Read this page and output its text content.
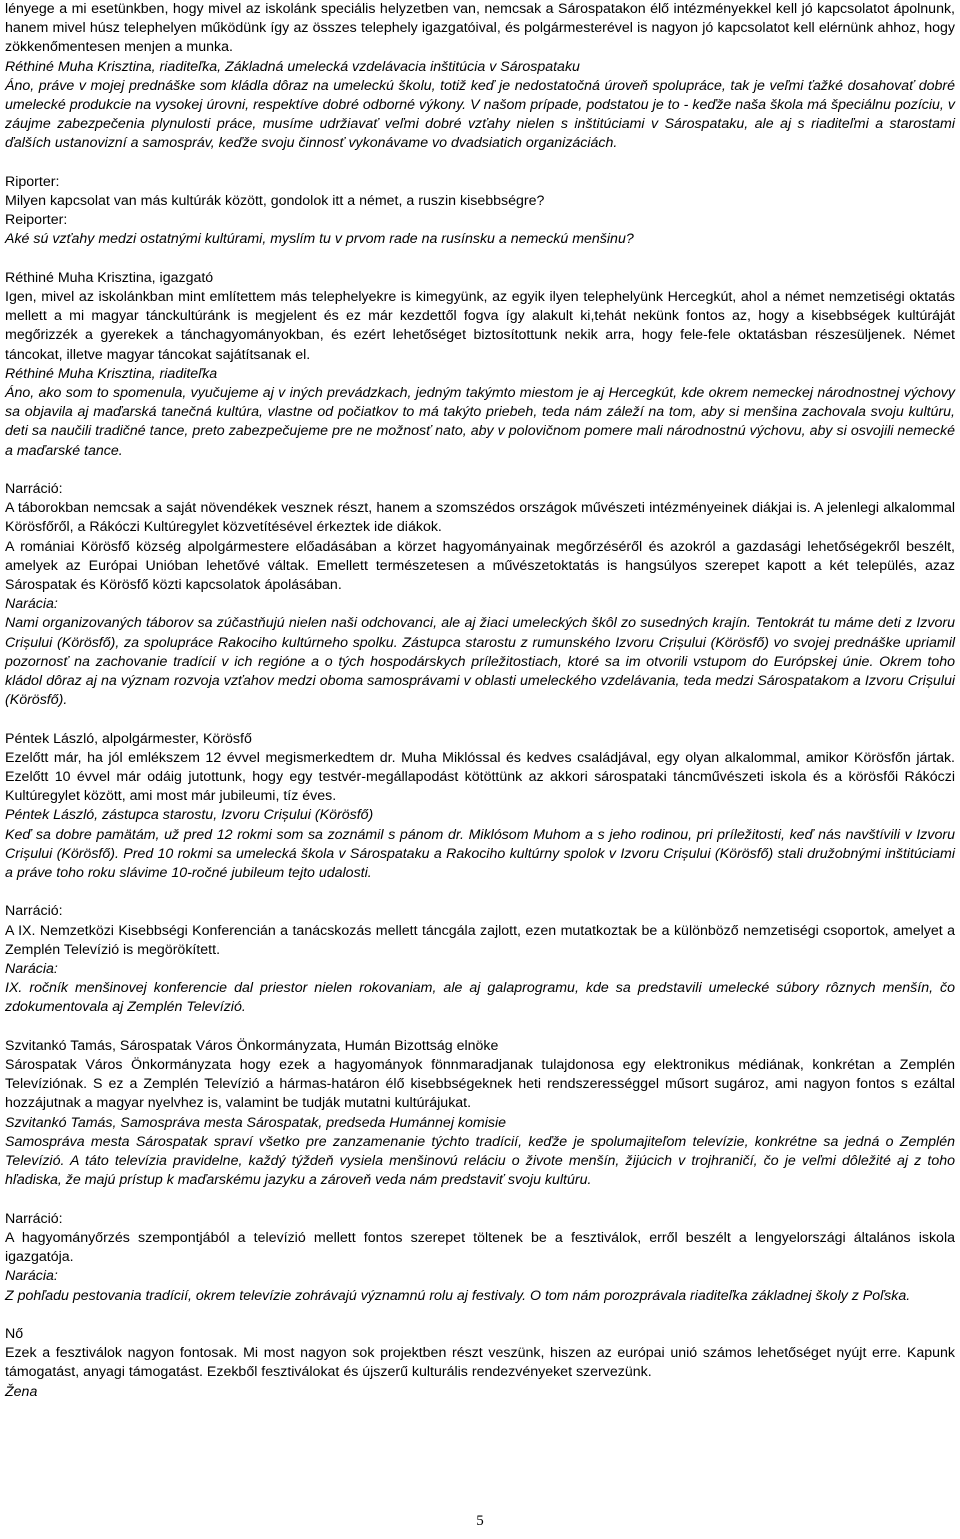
lényege a mi esetünkben, hogy mivel az iskolánk speciális helyzetben van, nemcsak a Sárospatakon élő intézményekkel kell jó kapcsolatot ápolnunk, hanem mivel húsz telephelyen működünk így az összes telephely igazgatóival, és polgármesterével is nagyon jó kapcsolatot kell elérnünk ahhoz, hogy zökkenőmentesen menjen a munka.

Réthiné Muha Krisztina, riaditeľka, Základná umelecká vzdelávacia inštitúcia v Sárospataku

Áno, práve v mojej prednáške som kládla dôraz na umeleckú školu, totiž keď je nedostatočná úroveň spolupráce, tak je veľmi ťažké dosahovať dobré umelecké produkcie na vysokej úrovni, respektíve dobré odborné výkony. V našom prípade, podstatou je to - keďže naša škola má špeciálnu pozíciu, v záujme zabezpečenia plynulosti práce, musíme udržiavať veľmi dobré vzťahy nielen s inštitúciami v Sárospataku, ale aj s riaditeľmi a starostami ďalších ustanovizní a samospráv, keďže svoju činnosť vykonávame vo dvadsiatich organizáciách.

Riporter:

Milyen kapcsolat van más kultúrák között, gondolok itt a német, a ruszin kisebbségre?

Reiporter:

Aké sú vzťahy medzi ostatnými kultúrami, myslím tu v prvom rade na rusínsku a nemeckú menšinu?

Réthiné Muha Krisztina, igazgató

Igen, mivel az iskolánkban mint említettem más telephelyekre is kimegyünk, az egyik ilyen telephelyünk Hercegkút, ahol a német nemzetiségi oktatás mellett a mi magyar tánckultúránk is megjelent és ez már kezdettől fogva így alakult ki,tehát nekünk fontos az, hogy a kisebbségek kultúráját megőrizzék a gyerekek a tánchagyományokban, és ezért lehetőséget biztosítottunk nekik arra, hogy fele-fele oktatásban részesüljenek. Német táncokat, illetve magyar táncokat sajátítsanak el.

Réthiné Muha Krisztina, riaditeľka

Áno, ako som to spomenula, vyučujeme aj v iných prevádzkach, jedným takýmto miestom je aj Hercegkút, kde okrem nemeckej národnostnej výchovy sa objavila aj maďarská tanečná kultúra, vlastne od počiatkov to má takýto priebeh, teda nám záleží na tom, aby si menšina zachovala svoju kultúru, deti sa naučili tradičné tance, preto zabezpečujeme pre ne možnosť nato, aby v polovičnom pomere mali národnostnú výchovu, aby si osvojili nemecké a maďarské tance.

Narráció:

A táborokban nemcsak a saját növendékek vesznek részt, hanem a szomszédos országok művészeti intézményeinek diákjai is. A jelenlegi alkalommal Körösfőről, a Rákóczi Kultúregylet közvetítésével érkeztek ide diákok.

A romániai Körösfő község alpolgármestere előadásában a körzet hagyományainak megőrzéséről és azokról a gazdasági lehetőségekről beszélt, amelyek az Európai Unióban lehetővé váltak. Emellett természetesen a művészetoktatás is hangsúlyos szerepet kapott a két település, azaz Sárospatak és Körösfő közti kapcsolatok ápolásában.

Narácia:

Nami organizovaných táborov sa zúčastňujú nielen naši odchovanci, ale aj žiaci umeleckých škôl zo susedných krajín. Tentokrát tu máme deti z Izvoru Crișului (Körösfő), za spolupráce Rakociho kultúrneho spolku. Zástupca starostu z rumunského Izvoru Crișului (Körösfő) vo svojej prednáške upriamil pozornosť na zachovanie tradícií v ich regióne a o tých hospodárskych príležitostiach, ktoré sa im otvorili vstupom do Európskej únie. Okrem toho kládol dôraz aj na význam rozvoja vzťahov medzi oboma samosprávami v oblasti umeleckého vzdelávania, teda medzi Sárospatakom a Izvoru Crișului (Körösfő).

Péntek László, alpolgármester, Körösfő

Ezelőtt már, ha jól emlékszem 12 évvel megismerkedtem dr. Muha Miklóssal és kedves családjával, egy olyan alkalommal, amikor Körösfőn jártak. Ezelőtt 10 évvel már odáig jutottunk, hogy egy testvér-megállapodást kötöttünk az akkori sárospataki táncművészeti iskola és a körösfői Rákóczi Kultúregylet között, ami most már jubileumi, tíz éves.

Péntek László, zástupca starostu, Izvoru Crișului (Körösfő)

Keď sa dobre pamätám, už pred 12 rokmi som sa zoznámil s pánom dr. Miklósom Muhom a s jeho rodinou, pri príležitosti, keď nás navštívili v Izvoru Crișului (Körösfő). Pred 10 rokmi sa umelecká škola v Sárospataku a Rakociho kultúrny spolok v Izvoru Crișului (Körösfő) stali družobnými inštitúciami a práve toho roku slávime 10-ročné jubileum tejto udalosti.

Narráció:

A IX. Nemzetközi Kisebbségi Konferencián a tanácskozás mellett táncgála zajlott, ezen mutatkoztak be a különböző nemzetiségi csoportok, amelyet a Zemplén Televízió is megörökített.

Narácia:

IX. ročník menšinovej konferencie dal priestor nielen rokovaniam, ale aj galaprogramu, kde sa predstavili umelecké súbory rôznych menšín, čo zdokumentovala aj Zemplén Televízió.

Szvitankó Tamás, Sárospatak Város Önkormányzata, Humán Bizottság elnöke

Sárospatak Város Önkormányzata hogy ezek a hagyományok fönnmaradjanak tulajdonosa egy elektronikus médiának, konkrétan a Zemplén Televíziónak. S ez a Zemplén Televízió a hármas-határon élő kisebbségeknek heti rendszerességgel műsort sugároz, ami nagyon fontos s ezáltal hozzájutnak a magyar nyelvhez is, valamint be tudják mutatni kultúrájukat.

Szvitankó Tamás, Samospráva mesta Sárospatak, predseda Humánnej komisie

Samospráva mesta Sárospatak spraví všetko pre zanzamenanie týchto tradícií, keďže je spolumajiteľom televízie, konkrétne sa jedná o Zemplén Televízió. A táto televízia pravidelne, každý týždeň vysiela menšinovú reláciu o živote menšín, žijúcich v trojhraničí, čo je veľmi dôležité aj z toho hľadiska, že majú prístup k maďarskému jazyku a zároveň veda nám predstaviť svoju kultúru.

Narráció:

A hagyományőrzés szempontjából a televízió mellett fontos szerepet töltenek be a fesztiválok, erről beszélt a lengyelországi általános iskola igazgatója.

Narácia:

Z pohľadu pestovania tradícií, okrem televízie zohrávajú významnú rolu aj festivaly. O tom nám porozprávala riaditeľka základnej školy z Poľska.

Nő

Ezek a fesztiválok nagyon fontosak. Mi most nagyon sok projektben részt veszünk, hiszen az európai unió számos lehetőséget nyújt erre. Kapunk támogatást, anyagi támogatást. Ezekből fesztiválokat és újszerű kulturális rendezvényeket szervezünk.

Žena

5
